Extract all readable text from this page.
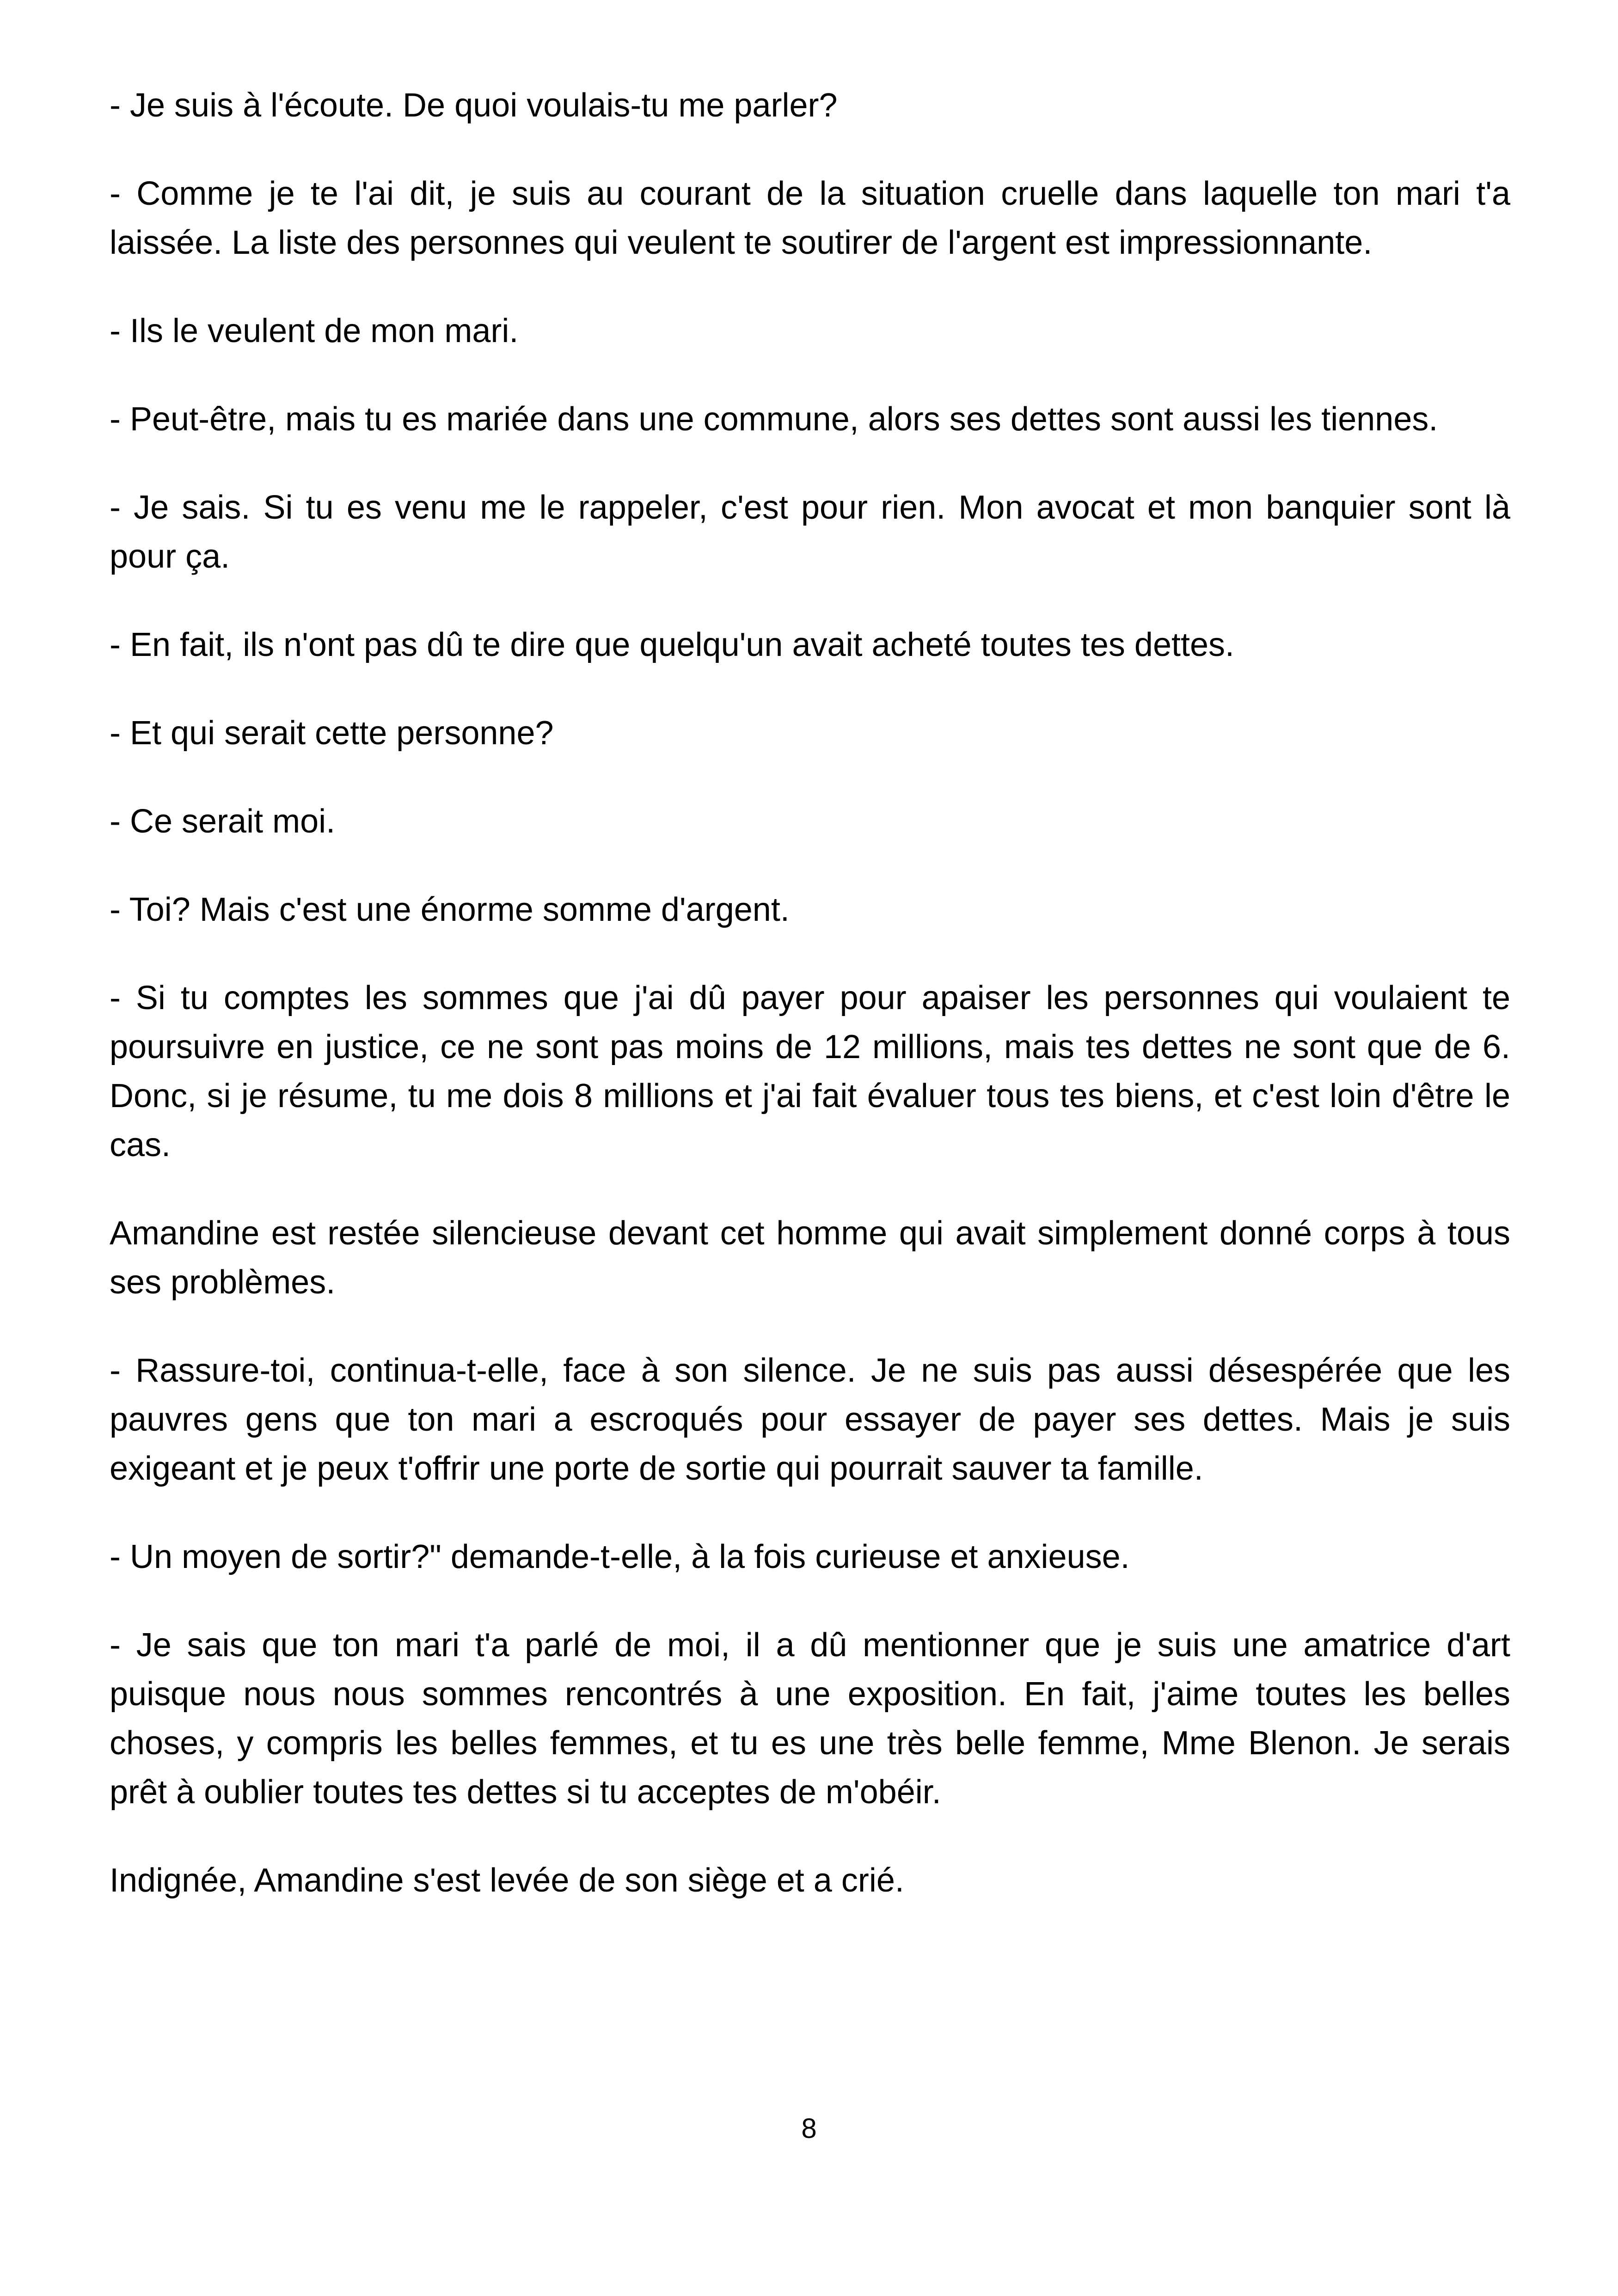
- Je suis à l'écoute. De quoi voulais-tu me parler?

- Comme je te l'ai dit, je suis au courant de la situation cruelle dans laquelle ton mari t'a laissée. La liste des personnes qui veulent te soutirer de l'argent est impressionnante.

- Ils le veulent de mon mari.

- Peut-être, mais tu es mariée dans une commune, alors ses dettes sont aussi les tiennes.

- Je sais. Si tu es venu me le rappeler, c'est pour rien. Mon avocat et mon banquier sont là pour ça.

- En fait, ils n'ont pas dû te dire que quelqu'un avait acheté toutes tes dettes.

- Et qui serait cette personne?

- Ce serait moi.

- Toi? Mais c'est une énorme somme d'argent.

- Si tu comptes les sommes que j'ai dû payer pour apaiser les personnes qui voulaient te poursuivre en justice, ce ne sont pas moins de 12 millions, mais tes dettes ne sont que de 6. Donc, si je résume, tu me dois 8 millions et j'ai fait évaluer tous tes biens, et c'est loin d'être le cas.

Amandine est restée silencieuse devant cet homme qui avait simplement donné corps à tous ses problèmes.

- Rassure-toi, continua-t-elle, face à son silence. Je ne suis pas aussi désespérée que les pauvres gens que ton mari a escroqués pour essayer de payer ses dettes. Mais je suis exigeant et je peux t'offrir une porte de sortie qui pourrait sauver ta famille.

- Un moyen de sortir?" demande-t-elle, à la fois curieuse et anxieuse.

- Je sais que ton mari t'a parlé de moi, il a dû mentionner que je suis une amatrice d'art puisque nous nous sommes rencontrés à une exposition. En fait, j'aime toutes les belles choses, y compris les belles femmes, et tu es une très belle femme, Mme Blenon. Je serais prêt à oublier toutes tes dettes si tu acceptes de m'obéir.

Indignée, Amandine s'est levée de son siège et a crié.

8
